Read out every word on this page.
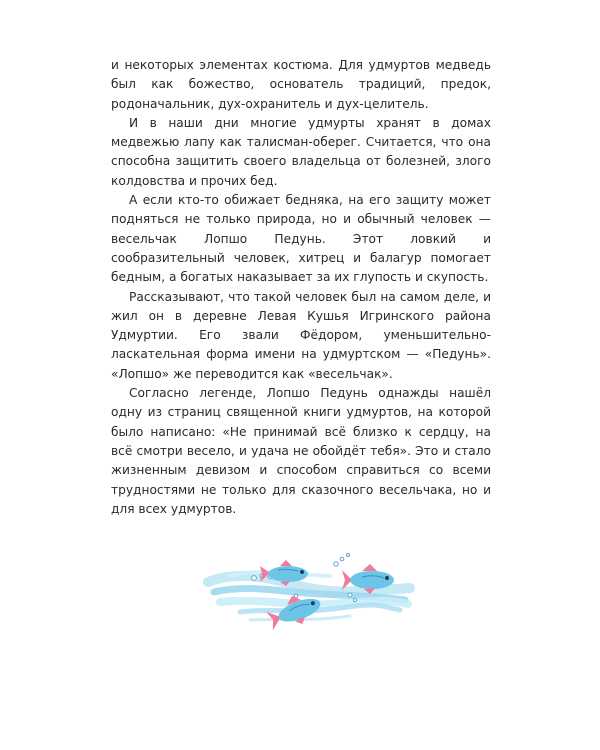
и некоторых элементах костюма. Для удмуртов медведь был как божество, основатель традиций, предок, родоначальник, дух-охранитель и дух-целитель.

И в наши дни многие удмурты хранят в домах медвежью лапу как талисман-оберег. Считается, что она способна защитить своего владельца от болезней, злого колдовства и прочих бед.

А если кто-то обижает бедняка, на его защиту может подняться не только природа, но и обычный человек — весельчак Лопшо Педунь. Этот ловкий и сообразительный человек, хитрец и балагур помогает бедным, а богатых наказывает за их глупость и скупость.

Рассказывают, что такой человек был на самом деле, и жил он в деревне Левая Кушья Игринского района Удмуртии. Его звали Фёдором, уменьшительно-ласкательная форма имени на удмуртском — «Педунь». «Лопшо» же переводится как «весельчак».

Согласно легенде, Лопшо Педунь однажды нашёл одну из страниц священной книги удмуртов, на которой было написано: «Не принимай всё близко к сердцу, на всё смотри весело, и удача не обойдёт тебя». Это и стало жизненным девизом и способом справиться со всеми трудностями не только для сказочного весельчака, но и для всех удмуртов.
